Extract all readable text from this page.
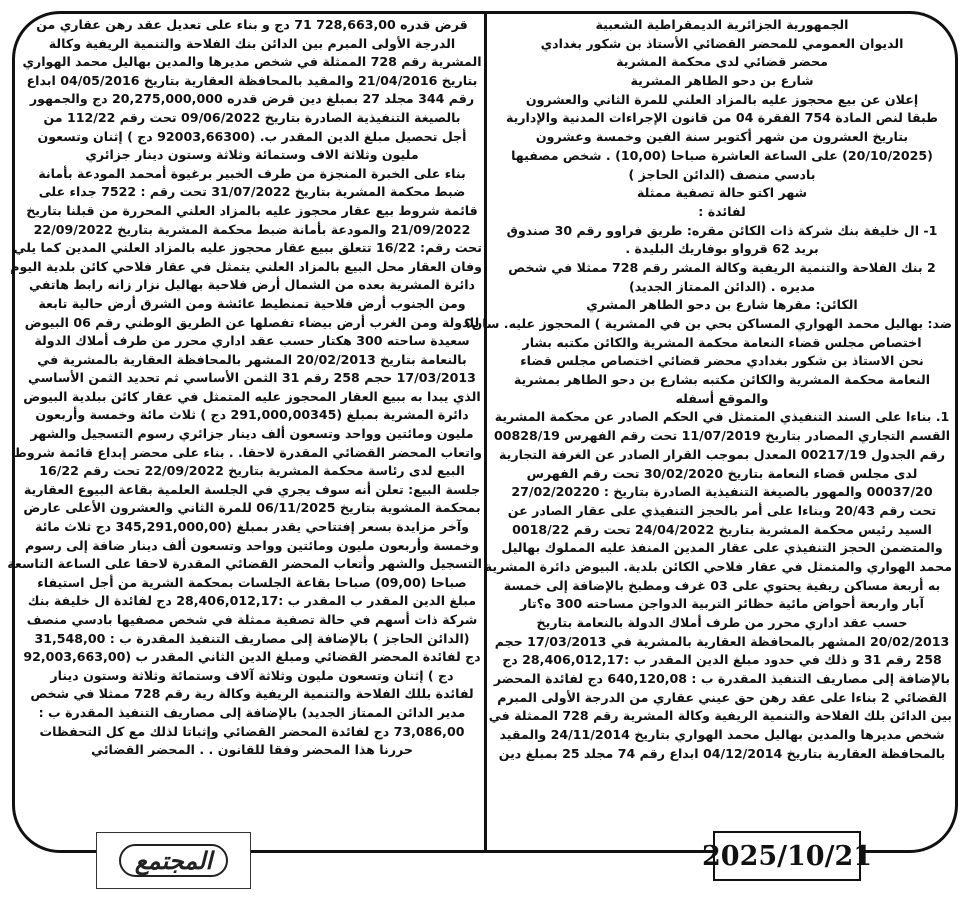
الجمهورية الجزائرية الديمقراطية الشعبية
الديوان العمومي للمحضر القضائي الأستاذ بن شكور بغدادي
محضر قضائي لدى محكمة المشرية
شارع بن دحو الطاهر المشرية
إعلان عن بيع محجوز عليه بالمزاد العلني للمرة الثاني والعشرون
طبقا لنص المادة 754 الفقرة 04 من قانون الإجراءات المدنية والإدارية
بتاريخ العشرون من شهر أكتوبر سنة الفين وخمسة وعشرون
(20/10/2025) على الساعة العاشرة صباحا (10,00) . شخص مصفيها
بادسي منصف (الدائن الحاجز )
شهر اكتو حالة تصفية ممثلة
لفائدة :
1- ال خليفة بنك شركة ذات الكائن مقره: طريق فراوو رقم 30 صندوق
بريد 62 قرواو بوفاريك البليدة .
2 بنك الفلاحة والتنمية الريفية وكالة المشر رقم 728 ممثلا في شخص
مديره . (الدائن الممتاز الجديد)
الكائن: مقرها شارع بن دحو الطاهر المشري
ضد: بهاليل محمد الهواري المساكن بحي بن في المشرية ) المحجوز عليه. سان؟
اختصاص مجلس قضاء النعامة محكمة المشرية والكائن مكتبه بشار
نحن الاستاذ بن شكور بغدادي محضر قضائي اختصاص مجلس قضاء
النعامة محكمة المشرية والكائن مكتبه بشارع بن دحو الطاهر بمشرية
والموقع أسفله
1. بناءا على السند التنفيذي المتمثل في الحكم الصادر عن محكمة المشرية
القسم التجاري المصادر بتاريخ 11/07/2019 تحت رقم الفهرس 00828/19
رقم الجدول 00217/19 المعدل بموجب القرار الصادر عن الغرفة التجارية
لدى مجلس قضاء النعامة بتاريخ 30/02/2020 تحت رقم الفهرس
00037/20 والمهور بالصيغة التنفيذية الصادرة بتاريخ : 27/02/20220
تحت رقم 20/43 وبناءا على أمر بالحجز التنفيذي على عقار الصادر عن
السيد رئيس محكمة المشرية بتاريخ 24/04/2022 تحت رقم 0018/22
والمتضمن الحجز التنفيذي على عقار المدين المنفذ عليه المملوك بهاليل
محمد الهواري والمتمثل في عقار فلاحي الكائن بلدية. البيوض دائرة المشرية
به أربعة مساكن ريفية يحتوي على 03 غرف ومطبخ بالإضافة إلى خمسة
آبار واربعة أحواض مائية حظائر التربية الدواجن مساحته 300 ه؟تار
حسب عقد اداري محرر من طرف أملاك الدولة بالنعامة بتاريخ
20/02/2013 المشهر بالمحافظة العقارية بالمشرية في 17/03/2013 حجم
258 رقم 31 و ذلك في حدود مبلغ الدين المقدر ب :28,406,012,17 دج
بالإضافة إلى مصاريف التنفيذ المقدرة ب : 640,120,08 دج لفائدة المحضر
القضائي 2 بناءا على عقد رهن حق عيني عقاري من الدرجة الأولى المبرم
بين الدائن بلك الفلاحة والتنمية الريفية وكالة المشرية رقم 728 الممثلة في
شخص مديرها والمدين بهاليل محمد الهواري بتاريخ 24/11/2014 والمقيد
بالمحافظة العقارية بتاريخ 04/12/2014 ابداع رقم 74 مجلد 25 بمبلغ دين
قرض قدره 728,663,00 71 دج و بناء على تعديل عقد رهن عقاري من
الدرجة الأولى المبرم بين الدائن بنك الفلاحة والتنمية الريفية وكالة
المشرية رقم 728 الممثلة في شخص مديرها والمدين بهاليل محمد الهواري
بتاريخ 21/04/2016 والمقيد بالمحافظة العقارية بتاريخ 04/05/2016 ابداع
رقم 344 مجلد 27 بمبلغ دين قرض قدره 20,275,000,000 دج والجمهور
بالصيغة التنفيذية الصادرة بتاريخ 09/06/2022 تحت رقم 112/22 من
أجل تحصيل مبلغ الدين المقدر ب. (92003,66300 دج ) إثنان وتسعون
مليون وثلاثة الاف وستمائة وثلاثة وستون دينار جزائري
بناء على الخبرة المنجزة من طرف الخبير برغيوة أمحمد المودعة بأمانة
ضبط محكمة المشرية بتاريخ 31/07/2022 تحت رقم : 7522 جداء على
قائمة شروط بيع عقار محجوز عليه بالمزاد العلني المحررة من قبلنا بتاريخ
21/09/2022 والمودعة بأمانة ضبط محكمة المشرية بتاريخ 22/09/2022
تحت رقم: 16/22 تتعلق ببيع عقار محجوز عليه بالمزاد العلني المدين كما يلي
وفان العقار محل البيع بالمزاد العلني يتمثل في عقار فلاحي كائن بلدية اليوم
دائرة المشرية بعده من الشمال أرض فلاحية بهاليل نزار زانه رابط هاتفي
ومن الجنوب أرض فلاحية تمنطيط عائشة ومن الشرق أرض حالية تابعة
للدولة ومن الغرب أرض بيضاء تفصلها عن الطريق الوطني رقم 06 البيوض
سعيدة ساحته 300 هكتار حسب عقد اداري محرر من طرف أملاك الدولة
بالنعامة بتاريخ 20/02/2013 المشهر بالمحافظة العقارية بالمشرية في
17/03/2013 حجم 258 رقم 31 الثمن الأساسي ثم تحديد الثمن الأساسي
الذي يبدا به ببيع العقار المحجوز عليه المتمثل في عقار كائن ببلدية البيوض
دائرة المشرية بمبلغ (291,000,00345 دج ) ثلاث مائة وخمسة وأربعون
مليون ومائتين وواحد وتسعون ألف دينار جزائري رسوم التسجيل والشهر
واتعاب المحضر القضائي المقدرة لاحقا. . بناء على محضر إبداع قائمة شروط
البيع لدى رئاسة محكمة المشرية بتاريخ 22/09/2022 تحت رقم 16/22
جلسة البيع: تعلن أنه سوف يجري في الجلسة العلمية بقاعة البيوع العقارية
بمحكمة المشوية بتاريخ 06/11/2025 للمرة الثاني والعشرون الأعلى عارض
وآخر مزايدة بسعر إفتتاحي يقدر بمبلغ (345,291,000,00 دج ثلاث مائة
وخمسة وأربعون مليون ومائتين وواحد وتسعون ألف دينار ضافة إلى رسوم
التسجيل والشهر وأتعاب المحضر القضائي المقدرة لاحقا على الساعة التاسعة
صباحا (09,00) صباحا بقاعة الجلسات بمحكمة الشرية من أجل استيفاء
مبلغ الدين المقدر ب المقدر ب :28,406,012,17 دج لفائدة ال خليفة بنك
شركة ذات أسهم في حالة تصفية ممثلة في شخص مصفيها بادسي منصف
(الدائن الحاجز ) بالإضافة إلى مصاريف التنفيذ المقدرة ب : 31,548,00
دج لفائدة المحضر القضائي ومبلغ الدين الثاني المقدر ب (92,003,663,00
دج ) إثنان وتسعون مليون وثلاثة آلاف وستمائة وثلاثة وستون دينار
لفائدة بللك الفلاحة والتنمية الريفية وكالة رية رقم 728 ممثلا في شخص
مدير الدائن الممتاز الجديد) بالإضافة إلى مصاريف التنفيذ المقدرة ب :
73,086,00 دج لفائدة المحضر القضائي وإثباتا لذلك مع كل التحفظات
حررنا هذا المحضر وفقا للقانون . . المحضر القضائي
المجتمع	2025/10/21
